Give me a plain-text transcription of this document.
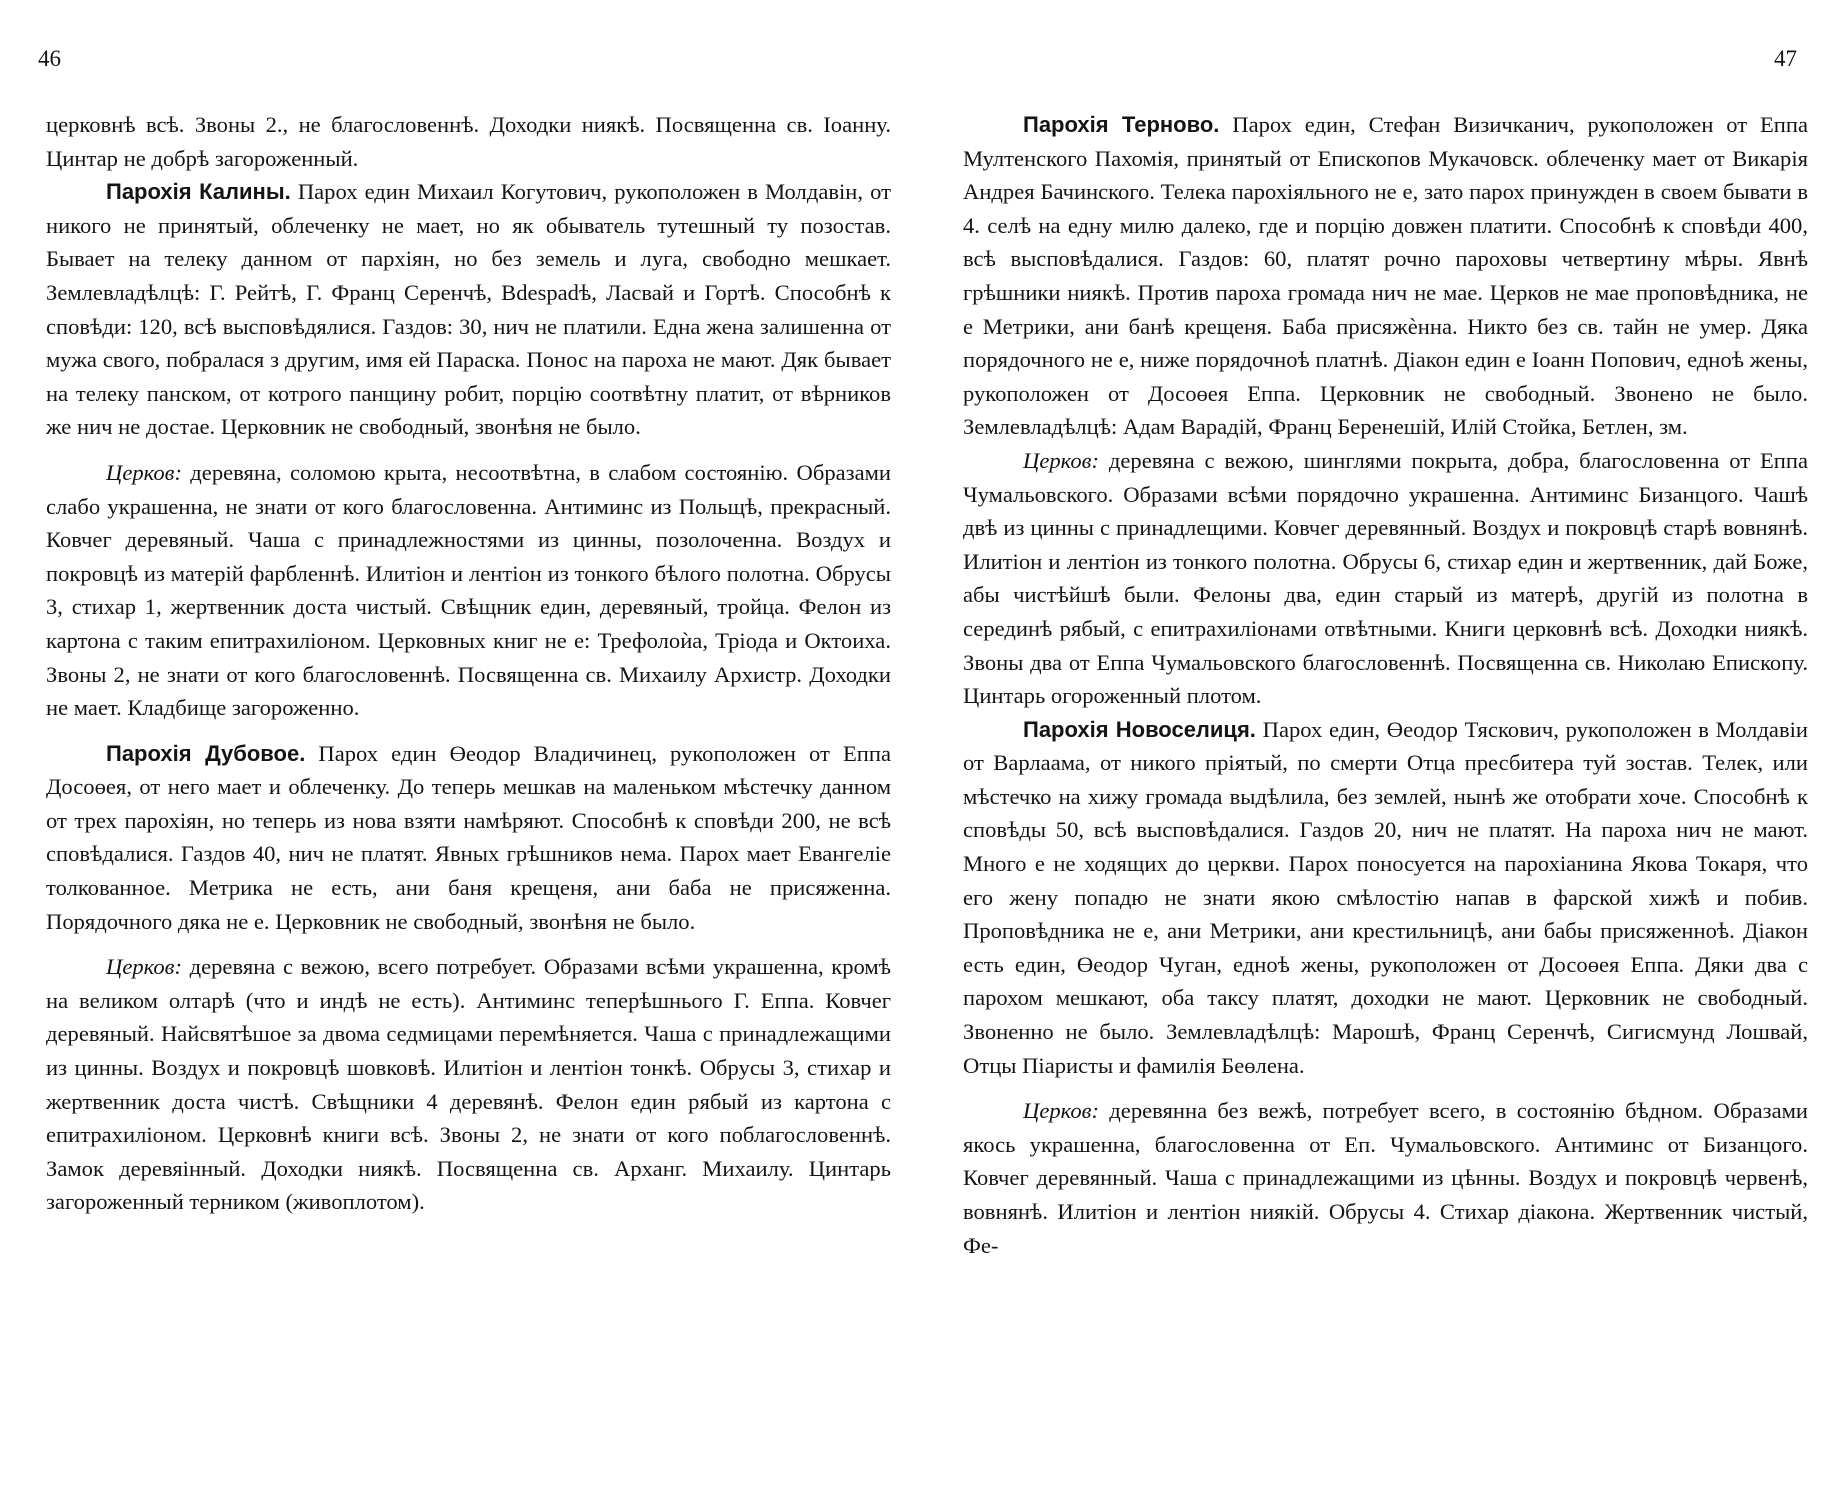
46

церковнѣ всѣ. Звоны 2., не благословеннѣ. Доходки ниякѣ. Посвященна св. Іоанну. Цинтар не добрѣ загороженный.

Парохія Калины. Парох един Михаил Когутович, рукоположен в Молдавін, от никого не принятый, облеченку не мает, но як обыватель тутешный ту позостав. Бывает на телеку данном от пархіян, но без земель и луга, свободно мешкает. Землевладѣлцѣ: Г. Рейтѣ, Г. Франц Серенчѣ, Вdespadѣ, Ласвай и Гортѣ. Способнѣ к сповѣди: 120, всѣ высповѣдялися. Газдов: 30, нич не платили. Една жена залишенна от мужа свого, побралася з другим, имя ей Параска. Понос на пароха не мают. Дяк бывает на телеку панском, от котрого панщину робит, порцію соотвѣтну платит, от вѣрников же нич не достае. Церковник не свободный, звонѣня не было.

Церков: деревяна, соломою крыта, несоотвѣтна, в слабом состоянію. Образами слабо украшенна, не знати от кого благословенна. Антиминс из Польщѣ, прекрасный. Ковчег деревяный. Чаша с принадлежностями из цинны, позолоченна. Воздух и покровцѣ из матерій фарбленнѣ. Илитіон и лентіон из тонкого бѣлого полотна. Обрусы 3, стихар 1, жертвенник доста чистый. Свѣщник един, деревяный, тройца. Фелон из картона с таким епитрахиліоном. Церковных книг не е: Трефолоѝа, Тріода и Октоиха. Звоны 2, не знати от кого благословеннѣ. Посвященна св. Михаилу Архистр. Доходки не мает. Кладбище загороженно.

Парохія Дубовое. Парох един Өеодор Владичинец, рукоположен от Еппа Досоөея, от него мает и облеченку. До теперь мешкав на маленьком мѣстечку данном от трех парохіян, но теперь из нова взяти намѣряют. Способнѣ к сповѣди 200, не всѣ сповѣдалися. Газдов 40, нич не платят. Явных грѣшников нема. Парох мает Евангеліе толкованное. Метрика не есть, ани баня крещеня, ани баба не присяженна. Порядочного дяка не е. Церковник не свободный, звонѣня не было.

Церков: деревяна с вежою, всего потребует. Образами всѣми украшенна, кромѣ на великом олтарѣ (что и индѣ не есть). Антиминс теперѣшнього Г. Еппа. Ковчег деревяный. Найсвятѣшое за двома седмицами перемѣняется. Чаша с принадлежащими из цинны. Воздух и покровцѣ шовковѣ. Илитіон и лентіон тонкѣ. Обрусы 3, стихар и жертвенник доста чистѣ. Свѣщники 4 деревянѣ. Фелон един рябый из картона с епитрахиліоном. Церковнѣ книги всѣ. Звоны 2, не знати от кого поблагословеннѣ. Замок деревяінный. Доходки ниякѣ. Посвященна св. Арханг. Михаилу. Цинтарь загороженный терником (живоплотом).

47

Парохія Терново. Парох един, Стефан Визичканич, рукоположен от Еппа Мултенского Пахомія, принятый от Епископов Мукачовск. облеченку мает от Викарія Андрея Бачинского. Телека парохіяльного не е, зато парох принужден в своем бывати в 4. селѣ на едну милю далеко, где и порцію довжен платити. Способнѣ к сповѣди 400, всѣ высповѣдалися. Газдов: 60, платят рочно пароховы четвертину мѣры. Явнѣ грѣшники ниякѣ. Против пароха громада нич не мае. Церков не мае проповѣдника, не е Метрики, ани банѣ крещеня. Баба присяжѐнна. Никто без св. тайн не умер. Дяка порядочного не е, ниже порядочноѣ платнѣ. Діакон един е Іоанн Попович, едноѣ жены, рукоположен от Досоөея Еппа. Церковник не свободный. Звонено не было. Землевладѣлцѣ: Адам Варадій, Франц Беренешій, Илій Стойка, Бетлен, зм.

Церков: деревяна с вежою, шинглями покрыта, добра, благословенна от Еппа Чумальовского. Образами всѣми порядочно украшенна. Антиминс Бизанцого. Чашѣ двѣ из цинны с принадлещими. Ковчег деревянный. Воздух и покровцѣ старѣ вовнянѣ. Илитіон и лентіон из тонкого полотна. Обрусы 6, стихар един и жертвенник, дай Боже, абы чистѣйшѣ были. Фелоны два, един старый из матерѣ, другій из полотна в серединѣ рябый, с епитрахиліонами отвѣтными. Книги церковнѣ всѣ. Доходки ниякѣ. Звоны два от Еппа Чумальовского благословеннѣ. Посвященна св. Николаю Епископу. Цинтарь огороженный плотом.

Парохія Новоселиця. Парох един, Өеодор Тяскович, рукоположен в Молдавіи от Варлаама, от никого пріятый, по смерти Отца пресбитера туй зостав. Телек, или мѣстечко на хижу громада выдѣлила, без землей, нынѣ же отобрати хоче. Способнѣ к сповѣды 50, всѣ высповѣдалися. Газдов 20, нич не платят. На пароха нич не мают. Много е не ходящих до церкви. Парох поносуется на парохіанина Якова Токаря, что его жену попадю не знати якою смѣлостію напав в фарской хижѣ и побив. Проповѣдника не е, ани Метрики, ани крестильницѣ, ани бабы присяженноѣ. Діакон есть един, Өеодор Чуган, едноѣ жены, рукоположен от Досоөея Еппа. Дяки два с парохом мешкают, оба таксу платят, доходки не мают. Церковник не свободный. Звоненно не было. Землевладѣлцѣ: Марошѣ, Франц Серенчѣ, Сигисмунд Лошвай, Отцы Піаристы и фамилія Беөлена.

Церков: деревянна без вежѣ, потребует всего, в состоянію бѣдном. Образами якось украшенна, благословенна от Еп. Чумальовского. Антиминс от Бизанцого. Ковчег деревянный. Чаша с принадлежащими из цѣнны. Воздух и покровцѣ червенѣ, вовнянѣ. Илитіон и лентіон ниякій. Обрусы 4. Стихар діакона. Жертвенник чистый, Фе-
